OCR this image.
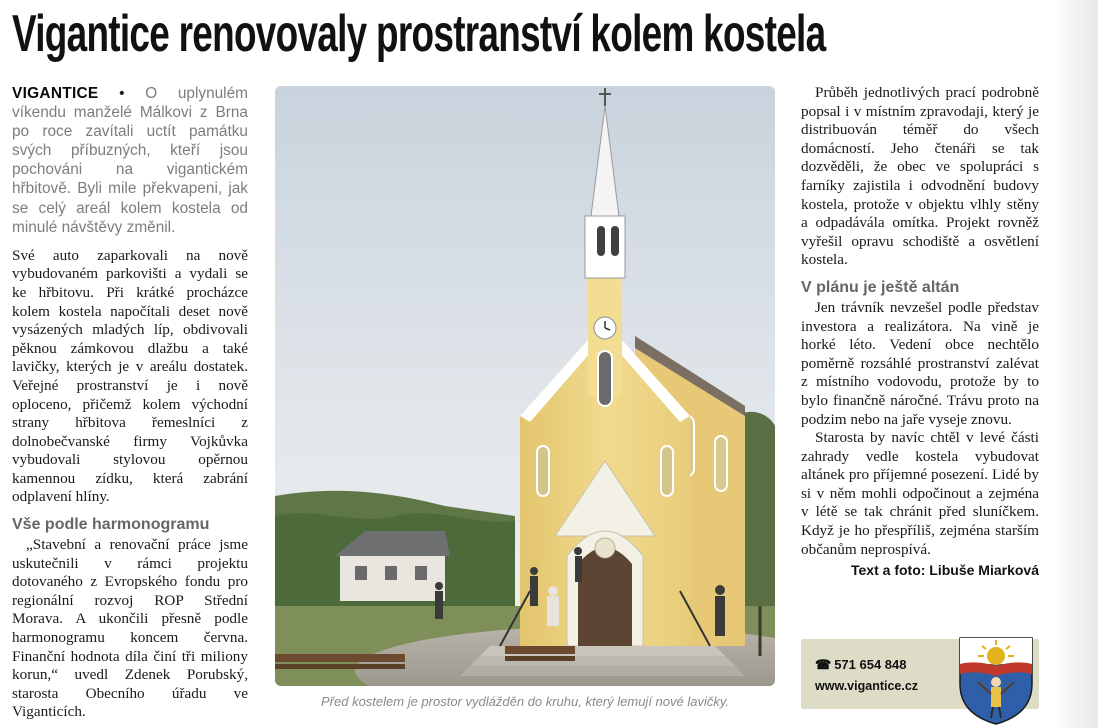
Vigantice renovovaly prostranství kolem kostela

VIGANTICE • O uplynulém víkendu manželé Málkovi z Brna po roce zavítali uctít památku svých příbuzných, kteří jsou pochováni na vigantickém hřbitově. Byli mile překvapeni, jak se celý areál kolem kostela od minulé návštěvy změnil.

Své auto zaparkovali na nově vybudovaném parkovišti a vydali se ke hřbitovu. Při krátké procházce kolem kostela napočítali deset nově vysázených mladých líp, obdivovali pěknou zámkovou dlažbu a také lavičky, kterých je v areálu dostatek. Veřejné prostranství je i nově oploceno, přičemž kolem východní strany hřbitova řemeslníci z dolnobečvanské firmy Vojkůvka vybudovali stylovou opěrnou kamennou zídku, která zabrání odplavení hlíny.

Vše podle harmonogramu

„Stavební a renovační práce jsme uskutečnili v rámci projektu dotovaného z Evropského fondu pro regionální rozvoj ROP Střední Morava. A ukončili přesně podle harmonogramu koncem června. Finanční hodnota díla činí tři miliony korun,“ uvedl Zdenek Porubský, starosta Obecního úřadu ve Viganticích.

Před kostelem je prostor vydlážděn do kruhu, který lemují nové lavičky.

Průběh jednotlivých prací podrobně popsal i v místním zpravodaji, který je distribuován téměř do všech domácností. Jeho čtenáři se tak dozvěděli, že obec ve spolupráci s farníky zajistila i odvodnění budovy kostela, protože v objektu vlhly stěny a odpadávála omítka. Projekt rovněž vyřešil opravu schodiště a osvětlení kostela.

V plánu je ještě altán

Jen trávník nevzešel podle představ investora a realizátora. Na vině je horké léto. Vedení obce nechtělo poměrně rozsáhlé prostranství zalévat z místního vodovodu, protože by to bylo finančně náročné. Trávu proto na podzim nebo na jaře vyseje znovu.

Starosta by navíc chtěl v levé části zahrady vedle kostela vybudovat altánek pro příjemné posezení. Lidé by si v něm mohli odpočinout a zejména v létě se tak chránit před sluníčkem. Když je ho přespříliš, zejména starším občanům neprospívá.

Text a foto: Libuše Miarková
☎ 571 654 848
www.vigantice.cz
